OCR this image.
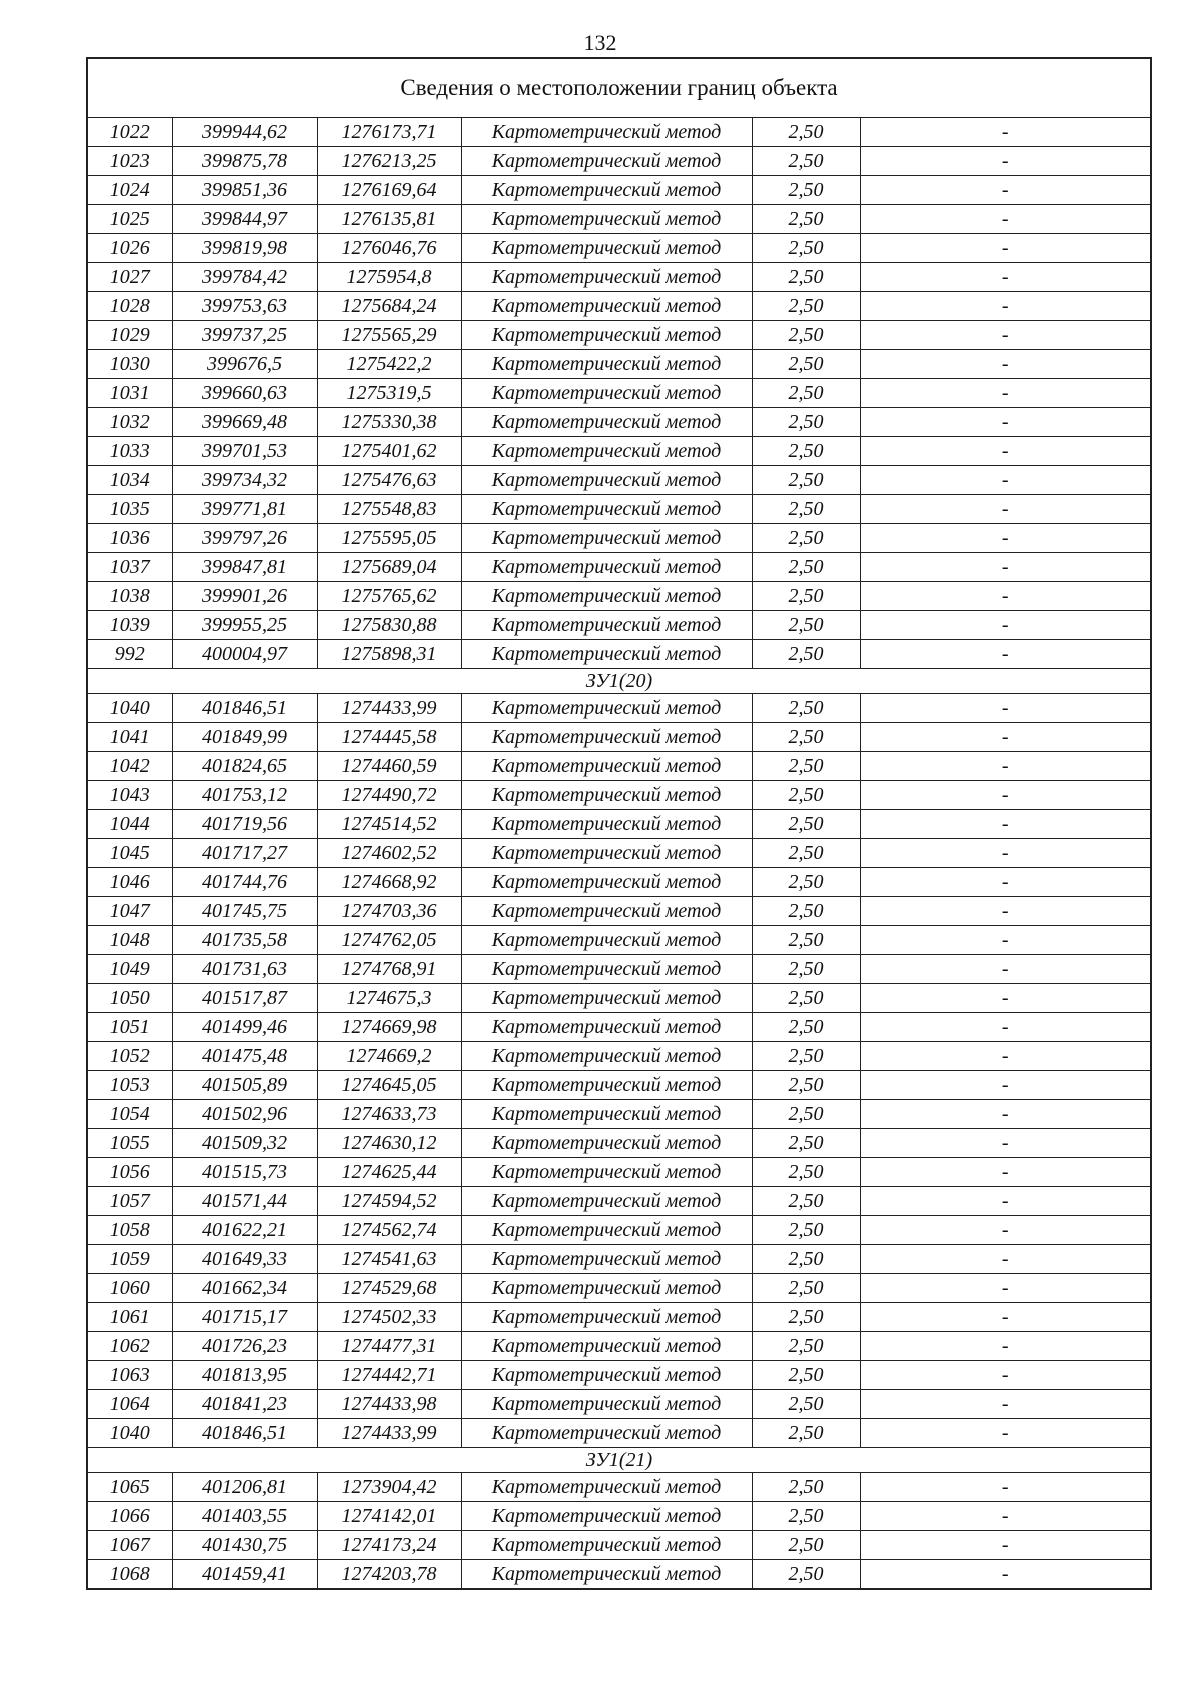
132
Сведения о местоположении границ объекта					
1022	399944,62	1276173,71	Картометрический метод	2,50	-
1023	399875,78	1276213,25	Картометрический метод	2,50	-
1024	399851,36	1276169,64	Картометрический метод	2,50	-
1025	399844,97	1276135,81	Картометрический метод	2,50	-
1026	399819,98	1276046,76	Картометрический метод	2,50	-
1027	399784,42	1275954,8	Картометрический метод	2,50	-
1028	399753,63	1275684,24	Картометрический метод	2,50	-
1029	399737,25	1275565,29	Картометрический метод	2,50	-
1030	399676,5	1275422,2	Картометрический метод	2,50	-
1031	399660,63	1275319,5	Картометрический метод	2,50	-
1032	399669,48	1275330,38	Картометрический метод	2,50	-
1033	399701,53	1275401,62	Картометрический метод	2,50	-
1034	399734,32	1275476,63	Картометрический метод	2,50	-
1035	399771,81	1275548,83	Картометрический метод	2,50	-
1036	399797,26	1275595,05	Картометрический метод	2,50	-
1037	399847,81	1275689,04	Картометрический метод	2,50	-
1038	399901,26	1275765,62	Картометрический метод	2,50	-
1039	399955,25	1275830,88	Картометрический метод	2,50	-
992	400004,97	1275898,31	Картометрический метод	2,50	-
ЗУ1(20)					
1040	401846,51	1274433,99	Картометрический метод	2,50	-
1041	401849,99	1274445,58	Картометрический метод	2,50	-
1042	401824,65	1274460,59	Картометрический метод	2,50	-
1043	401753,12	1274490,72	Картометрический метод	2,50	-
1044	401719,56	1274514,52	Картометрический метод	2,50	-
1045	401717,27	1274602,52	Картометрический метод	2,50	-
1046	401744,76	1274668,92	Картометрический метод	2,50	-
1047	401745,75	1274703,36	Картометрический метод	2,50	-
1048	401735,58	1274762,05	Картометрический метод	2,50	-
1049	401731,63	1274768,91	Картометрический метод	2,50	-
1050	401517,87	1274675,3	Картометрический метод	2,50	-
1051	401499,46	1274669,98	Картометрический метод	2,50	-
1052	401475,48	1274669,2	Картометрический метод	2,50	-
1053	401505,89	1274645,05	Картометрический метод	2,50	-
1054	401502,96	1274633,73	Картометрический метод	2,50	-
1055	401509,32	1274630,12	Картометрический метод	2,50	-
1056	401515,73	1274625,44	Картометрический метод	2,50	-
1057	401571,44	1274594,52	Картометрический метод	2,50	-
1058	401622,21	1274562,74	Картометрический метод	2,50	-
1059	401649,33	1274541,63	Картометрический метод	2,50	-
1060	401662,34	1274529,68	Картометрический метод	2,50	-
1061	401715,17	1274502,33	Картометрический метод	2,50	-
1062	401726,23	1274477,31	Картометрический метод	2,50	-
1063	401813,95	1274442,71	Картометрический метод	2,50	-
1064	401841,23	1274433,98	Картометрический метод	2,50	-
1040	401846,51	1274433,99	Картометрический метод	2,50	-
ЗУ1(21)					
1065	401206,81	1273904,42	Картометрический метод	2,50	-
1066	401403,55	1274142,01	Картометрический метод	2,50	-
1067	401430,75	1274173,24	Картометрический метод	2,50	-
1068	401459,41	1274203,78	Картометрический метод	2,50	-
